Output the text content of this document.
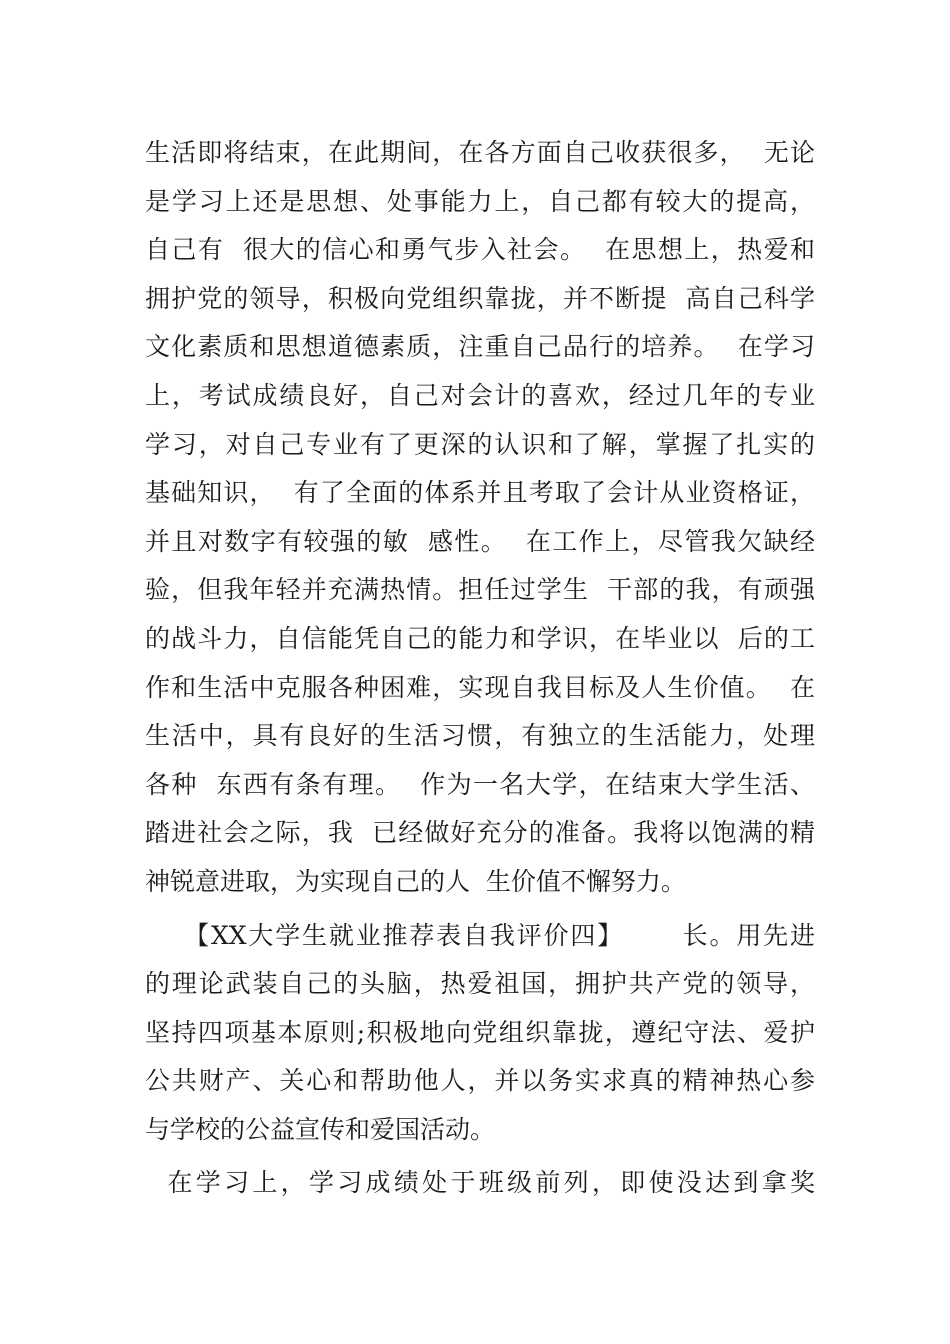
生活即将结束，在此期间，在各方面自己收获很多，  无论
是学习上还是思想、处事能力上，自己都有较大的提高，
自己有  很大的信心和勇气步入社会。  在思想上，热爱和
拥护党的领导，积极向党组织靠拢，并不断提  高自己科学
文化素质和思想道德素质，注重自己品行的培养。  在学习
上，考试成绩良好，自己对会计的喜欢，经过几年的专业
学习，对自己专业有了更深的认识和了解，掌握了扎实的
基础知识，  有了全面的体系并且考取了会计从业资格证，
并且对数字有较强的敏  感性。  在工作上，尽管我欠缺经
验，但我年轻并充满热情。担任过学生  干部的我，有顽强
的战斗力，自信能凭自己的能力和学识，在毕业以  后的工
作和生活中克服各种困难，实现自我目标及人生价值。  在
生活中，具有良好的生活习惯，有独立的生活能力，处理
各种  东西有条有理。  作为一名大学，在结束大学生活、
踏进社会之际，我  已经做好充分的准备。我将以饱满的精
神锐意进取，为实现自己的人  生价值不懈努力。
【XX大学生就业推荐表自我评价四】      长。用先进
的理论武装自己的头脑，热爱祖国，拥护共产党的领导，
坚持四项基本原则;积极地向党组织靠拢，遵纪守法、爱护
公共财产、关心和帮助他人，并以务实求真的精神热心参
与学校的公益宣传和爱国活动。
在学习上，学习成绩处于班级前列，即使没达到拿奖
